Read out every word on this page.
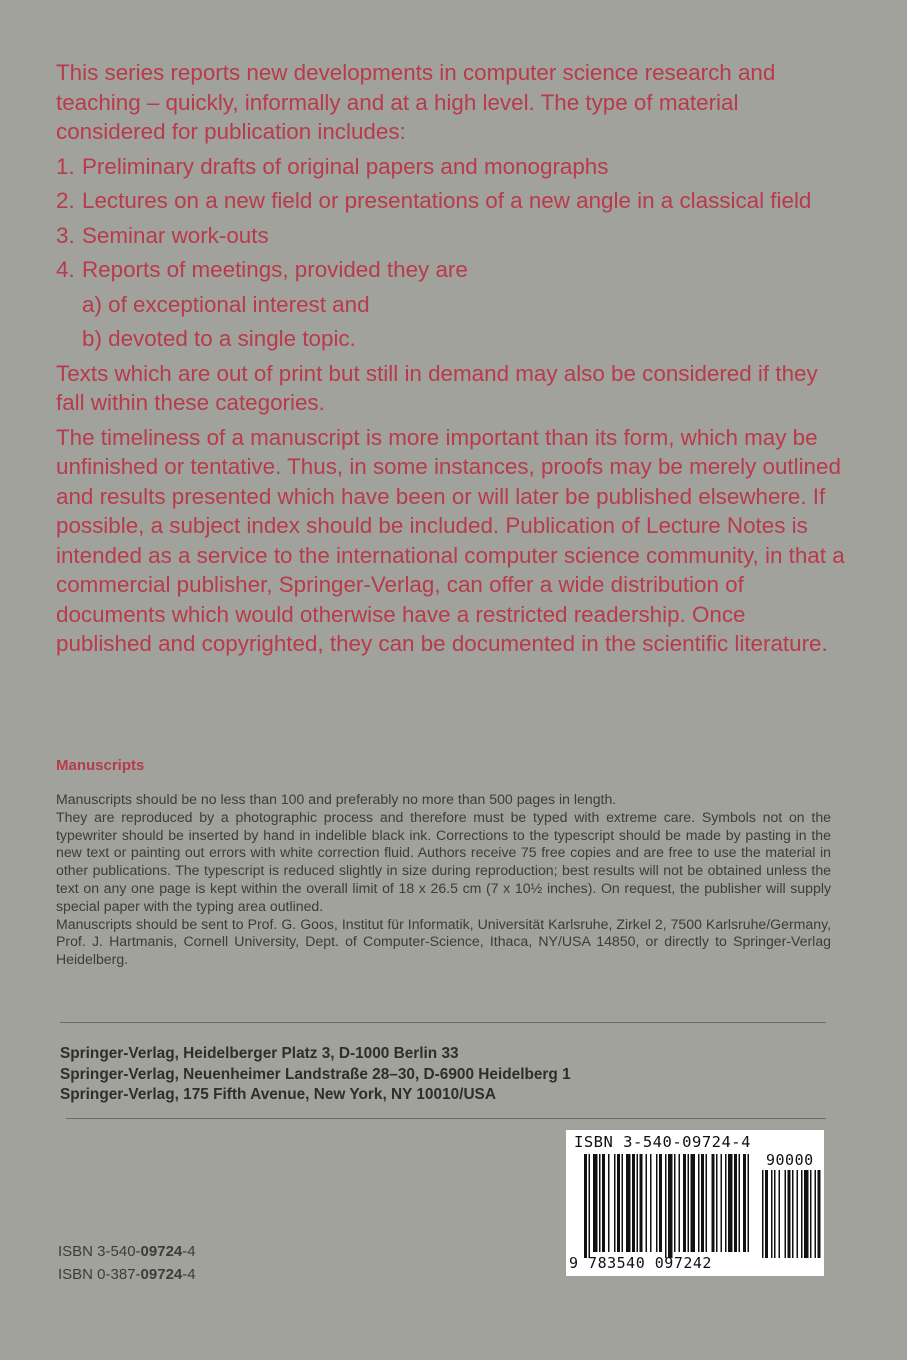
This series reports new developments in computer science research and teaching – quickly, informally and at a high level. The type of material considered for publication includes:

1. Preliminary drafts of original papers and monographs
2. Lectures on a new field or presentations of a new angle in a classical field
3. Seminar work-outs
4. Reports of meetings, provided they are
a) of exceptional interest and
b) devoted to a single topic.

Texts which are out of print but still in demand may also be considered if they fall within these categories.

The timeliness of a manuscript is more important than its form, which may be unfinished or tentative. Thus, in some instances, proofs may be merely outlined and results presented which have been or will later be published elsewhere. If possible, a subject index should be included. Publication of Lecture Notes is intended as a service to the international computer science community, in that a commercial publisher, Springer-Verlag, can offer a wide distribution of documents which would otherwise have a restricted readership. Once published and copyrighted, they can be documented in the scientific literature.

Manuscripts

Manuscripts should be no less than 100 and preferably no more than 500 pages in length.

They are reproduced by a photographic process and therefore must be typed with extreme care. Symbols not on the typewriter should be inserted by hand in indelible black ink. Corrections to the typescript should be made by pasting in the new text or painting out errors with white correction fluid. Authors receive 75 free copies and are free to use the material in other publications. The typescript is reduced slightly in size during reproduction; best results will not be obtained unless the text on any one page is kept within the overall limit of 18 x 26.5 cm (7 x 10½ inches). On request, the publisher will supply special paper with the typing area outlined.

Manuscripts should be sent to Prof. G. Goos, Institut für Informatik, Universität Karlsruhe, Zirkel 2, 7500 Karlsruhe/Germany, Prof. J. Hartmanis, Cornell University, Dept. of Computer-Science, Ithaca, NY/USA 14850, or directly to Springer-Verlag Heidelberg.

Springer-Verlag, Heidelberger Platz 3, D-1000 Berlin 33
Springer-Verlag, Neuenheimer Landstraße 28–30, D-6900 Heidelberg 1
Springer-Verlag, 175 Fifth Avenue, New York, NY 10010/USA
ISBN 3-540-09724-4
ISBN 0-387-09724-4
ISBN 3-540-09724-4
90000
9 783540 097242
